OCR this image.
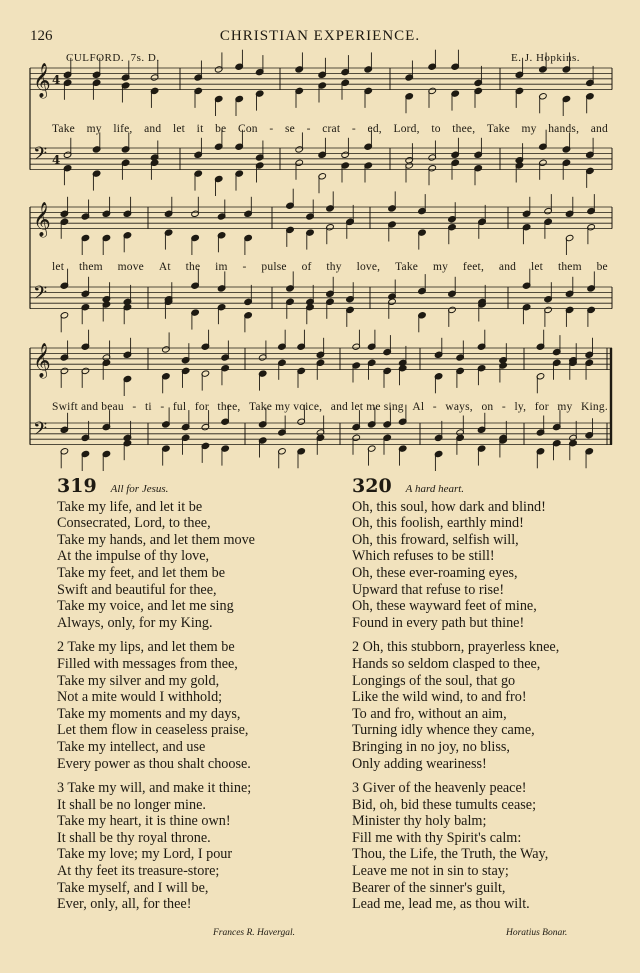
126	CHRISTIAN EXPERIENCE.
CULFORD. 7s. D.	E. J. Hopkins.
𝄞 4
𝄢 4
𝄞
𝄢
𝄞
𝄢
Take my life, and let it be Con - se - crat - ed, Lord, to thee, Take my hands, and
let them move At the im - pulse of thy love, Take my feet, and let them be
Swift and beau - ti - ful for thee, Take my voice, and let me sing Al - ways, on - ly, for my King.
319 All for Jesus.
Take my life, and let it be
Consecrated, Lord, to thee,
Take my hands, and let them move
At the impulse of thy love,
Take my feet, and let them be
Swift and beautiful for thee,
Take my voice, and let me sing
Always, only, for my King.
2 Take my lips, and let them be
Filled with messages from thee,
Take my silver and my gold,
Not a mite would I withhold;
Take my moments and my days,
Let them flow in ceaseless praise,
Take my intellect, and use
Every power as thou shalt choose.
3 Take my will, and make it thine;
It shall be no longer mine.
Take my heart, it is thine own!
It shall be thy royal throne.
Take my love; my Lord, I pour
At thy feet its treasure-store;
Take myself, and I will be,
Ever, only, all, for thee!
320 A hard heart.
Oh, this soul, how dark and blind!
Oh, this foolish, earthly mind!
Oh, this froward, selfish will,
Which refuses to be still!
Oh, these ever-roaming eyes,
Upward that refuse to rise!
Oh, these wayward feet of mine,
Found in every path but thine!
2 Oh, this stubborn, prayerless knee,
Hands so seldom clasped to thee,
Longings of the soul, that go
Like the wild wind, to and fro!
To and fro, without an aim,
Turning idly whence they came,
Bringing in no joy, no bliss,
Only adding weariness!
3 Giver of the heavenly peace!
Bid, oh, bid these tumults cease;
Minister thy holy balm;
Fill me with thy Spirit's calm:
Thou, the Life, the Truth, the Way,
Leave me not in sin to stay;
Bearer of the sinner's guilt,
Lead me, lead me, as thou wilt.
Frances R. Havergal.	Horatius Bonar.
